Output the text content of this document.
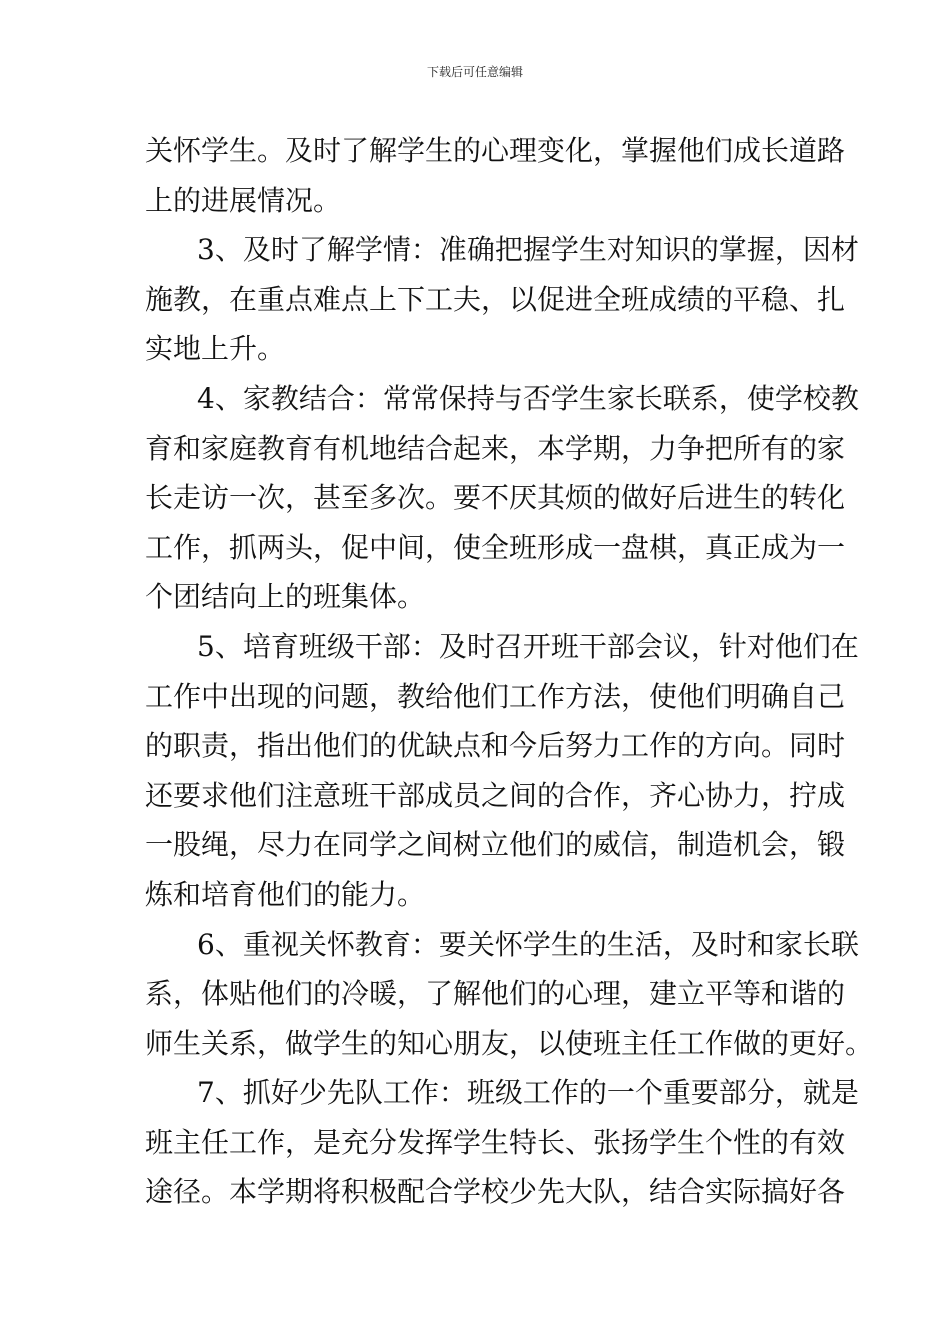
下载后可任意编辑
关怀学生。及时了解学生的心理变化，掌握他们成长道路
上的进展情况。
3、及时了解学情：准确把握学生对知识的掌握，因材
施教，在重点难点上下工夫，以促进全班成绩的平稳、扎
实地上升。
4、家教结合：常常保持与否学生家长联系，使学校教
育和家庭教育有机地结合起来，本学期，力争把所有的家
长走访一次，甚至多次。要不厌其烦的做好后进生的转化
工作，抓两头，促中间，使全班形成一盘棋，真正成为一
个团结向上的班集体。
5、培育班级干部：及时召开班干部会议，针对他们在
工作中出现的问题，教给他们工作方法，使他们明确自己
的职责，指出他们的优缺点和今后努力工作的方向。同时
还要求他们注意班干部成员之间的合作，齐心协力，拧成
一股绳，尽力在同学之间树立他们的威信，制造机会，锻
炼和培育他们的能力。
6、重视关怀教育：要关怀学生的生活，及时和家长联
系，体贴他们的冷暖，了解他们的心理，建立平等和谐的
师生关系，做学生的知心朋友，以使班主任工作做的更好。
7、抓好少先队工作：班级工作的一个重要部分，就是
班主任工作，是充分发挥学生特长、张扬学生个性的有效
途径。本学期将积极配合学校少先大队，结合实际搞好各
